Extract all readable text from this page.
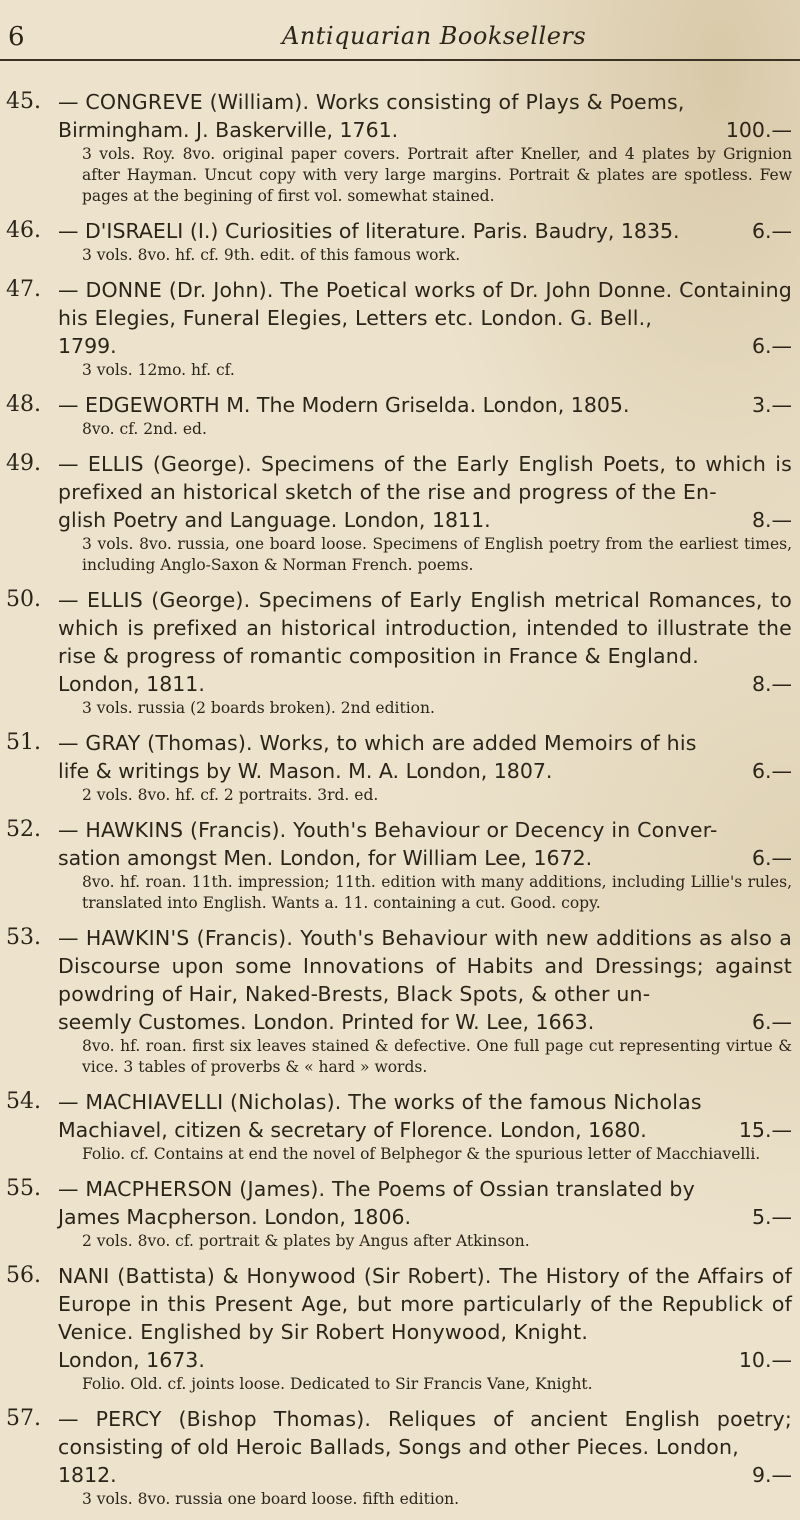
6	Antiquarian Booksellers
45. — CONGREVE (William). Works consisting of Plays & Poems,
Birmingham. J. Baskerville, 1761.	100.—
3 vols. Roy. 8vo. original paper covers. Portrait after Kneller, and 4 plates by Grignion after Hayman. Uncut copy with very large margins. Portrait & plates are spotless. Few pages at the begining of first vol. somewhat stained.
46. — D'ISRAELI (I.) Curiosities of literature. Paris. Baudry, 1835.	6.—
3 vols. 8vo. hf. cf. 9th. edit. of this famous work.
47. — DONNE (Dr. John). The Poetical works of Dr. John Donne. Containing his Elegies, Funeral Elegies, Letters etc. London. G. Bell.,
1799.	6.—
3 vols. 12mo. hf. cf.
48. — EDGEWORTH M. The Modern Griselda. London, 1805.	3.—
8vo. cf. 2nd. ed.
49. — ELLIS (George). Specimens of the Early English Poets, to which is prefixed an historical sketch of the rise and progress of the En-
glish Poetry and Language. London, 1811.	8.—
3 vols. 8vo. russia, one board loose. Specimens of English poetry from the earliest times, including Anglo-Saxon & Norman French. poems.
50. — ELLIS (George). Specimens of Early English metrical Romances, to which is prefixed an historical introduction, intended to illustrate the rise & progress of romantic composition in France & England.
London, 1811.	8.—
3 vols. russia (2 boards broken). 2nd edition.
51. — GRAY (Thomas). Works, to which are added Memoirs of his
life & writings by W. Mason. M. A. London, 1807.	6.—
2 vols. 8vo. hf. cf. 2 portraits. 3rd. ed.
52. — HAWKINS (Francis). Youth's Behaviour or Decency in Conver-
sation amongst Men. London, for William Lee, 1672.	6.—
8vo. hf. roan. 11th. impression; 11th. edition with many additions, including Lillie's rules, translated into English. Wants a. 11. containing a cut. Good. copy.
53. — HAWKIN'S (Francis). Youth's Behaviour with new additions as also a Discourse upon some Innovations of Habits and Dressings; against powdring of Hair, Naked-Brests, Black Spots, & other un-
seemly Customes. London. Printed for W. Lee, 1663.	6.—
8vo. hf. roan. first six leaves stained & defective. One full page cut representing virtue & vice. 3 tables of proverbs & « hard » words.
54. — MACHIAVELLI (Nicholas). The works of the famous Nicholas
Machiavel, citizen & secretary of Florence. London, 1680.	15.—
Folio. cf. Contains at end the novel of Belphegor & the spurious letter of Macchiavelli.
55. — MACPHERSON (James). The Poems of Ossian translated by
James Macpherson. London, 1806.	5.—
2 vols. 8vo. cf. portrait & plates by Angus after Atkinson.
56. NANI (Battista) & Honywood (Sir Robert). The History of the Affairs of Europe in this Present Age, but more particularly of the Republick of Venice. Englished by Sir Robert Honywood, Knight.
London, 1673.	10.—
Folio. Old. cf. joints loose. Dedicated to Sir Francis Vane, Knight.
57. — PERCY (Bishop Thomas). Reliques of ancient English poetry; consisting of old Heroic Ballads, Songs and other Pieces. London,
1812.	9.—
3 vols. 8vo. russia one board loose. fifth edition.
